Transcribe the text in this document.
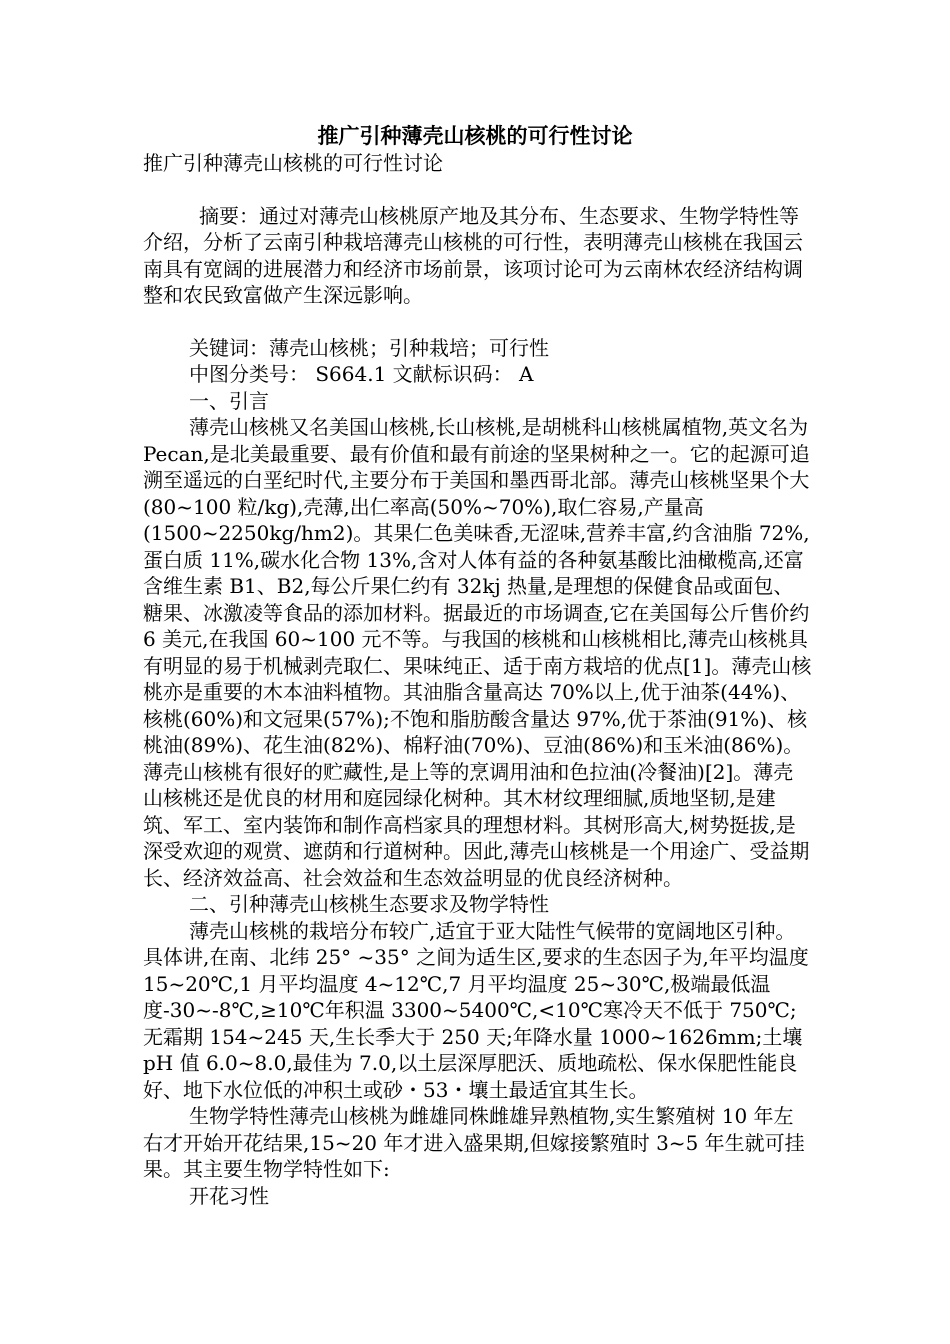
推广引种薄壳山核桃的可行性讨论

推广引种薄壳山核桃的可行性讨论

摘要：通过对薄壳山核桃原产地及其分布、生态要求、生物学特性等介绍，分析了云南引种栽培薄壳山核桃的可行性，表明薄壳山核桃在我国云南具有宽阔的进展潜力和经济市场前景，该项讨论可为云南林农经济结构调整和农民致富做产生深远影响。

关键词：薄壳山核桃；引种栽培；可行性

中图分类号： S664.1 文献标识码： A

一、引言

薄壳山核桃又名美国山核桃,长山核桃,是胡桃科山核桃属植物,英文名为Pecan,是北美最重要、最有价值和最有前途的坚果树种之一。它的起源可追溯至遥远的白垩纪时代,主要分布于美国和墨西哥北部。薄壳山核桃坚果个大(80~100 粒/kg),壳薄,出仁率高(50%~70%),取仁容易,产量高(1500~2250kg/hm2)。其果仁色美味香,无涩味,营养丰富,约含油脂 72%,蛋白质 11%,碳水化合物 13%,含对人体有益的各种氨基酸比油橄榄高,还富含维生素 B1、B2,每公斤果仁约有 32kj 热量,是理想的保健食品或面包、糖果、冰激凌等食品的添加材料。据最近的市场调查,它在美国每公斤售价约 6 美元,在我国 60~100 元不等。与我国的核桃和山核桃相比,薄壳山核桃具有明显的易于机械剥壳取仁、果味纯正、适于南方栽培的优点[1]。薄壳山核桃亦是重要的木本油料植物。其油脂含量高达 70%以上,优于油茶(44%)、核桃(60%)和文冠果(57%);不饱和脂肪酸含量达 97%,优于茶油(91%)、核桃油(89%)、花生油(82%)、棉籽油(70%)、豆油(86%)和玉米油(86%)。薄壳山核桃有很好的贮藏性,是上等的烹调用油和色拉油(冷餐油)[2]。薄壳山核桃还是优良的材用和庭园绿化树种。其木材纹理细腻,质地坚韧,是建筑、军工、室内装饰和制作高档家具的理想材料。其树形高大,树势挺拔,是深受欢迎的观赏、遮荫和行道树种。因此,薄壳山核桃是一个用途广、受益期长、经济效益高、社会效益和生态效益明显的优良经济树种。

二、引种薄壳山核桃生态要求及物学特性

薄壳山核桃的栽培分布较广,适宜于亚大陆性气候带的宽阔地区引种。具体讲,在南、北纬 25° ~35° 之间为适生区,要求的生态因子为,年平均温度 15~20℃,1 月平均温度 4~12℃,7 月平均温度 25~30℃,极端最低温度-30~-8℃,≥10℃年积温 3300~5400℃,<10℃寒冷天不低于 750℃;无霜期 154~245 天,生长季大于 250 天;年降水量 1000~1626mm;土壤 pH 值 6.0~8.0,最佳为 7.0,以土层深厚肥沃、质地疏松、保水保肥性能良好、地下水位低的冲积土或砂・53・壤土最适宜其生长。

生物学特性薄壳山核桃为雌雄同株雌雄异熟植物,实生繁殖树 10 年左右才开始开花结果,15~20 年才进入盛果期,但嫁接繁殖时 3~5 年生就可挂果。其主要生物学特性如下:

开花习性
